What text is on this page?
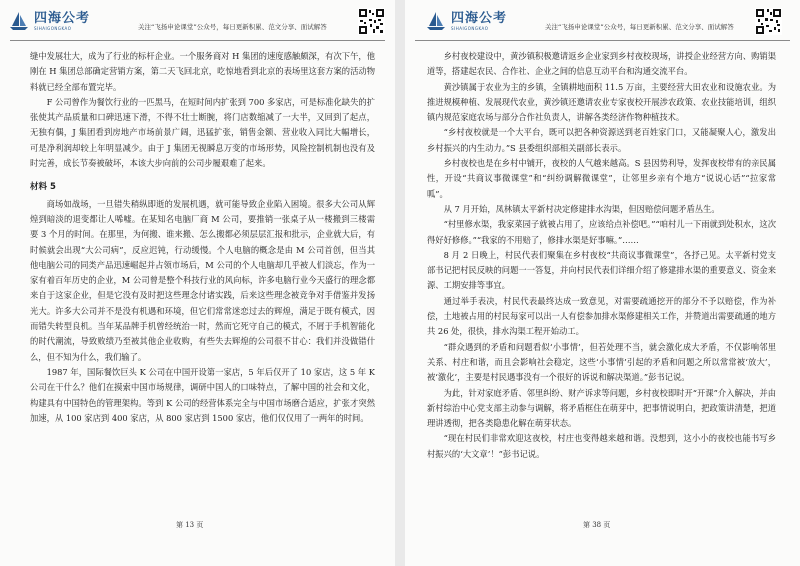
四海公考
SIHAIGONGKAO	关注“飞扬申论课堂”公众号，每日更新积累、范文分享、面试解答

缝中发展壮大，成为了行业的标杆企业。一个服务商对 H 集团的速度感触颇深，有次下午，他刚在 H 集团总部确定营销方案，第二天飞回北京，吃惊地看到北京的表场里这套方案的活动物料就已经全部布置完毕。

F 公司曾作为餐饮行业的一匹黑马，在短时间内扩张到 700 多家店，可是标准化缺失的扩张使其产品质量和口碑迅速下滑，不得不壮士断腕，将门店数缩减了一大半，又回到了起点，无独有偶，J 集团看到房地产市场前景广阔，迅猛扩张，销售金额、营业收入同比大幅增长，可是净利润却较上年明显减少。由于 J 集团无视瞬息万变的市场形势，风险控制机制也没有及时完善，成长节奏被破坏，本该大步向前的公司步履艰难了起来。

材料 5

商场如战场，一旦错失稍纵即逝的发展机遇，就可能导致企业陷入困境。很多大公司从辉煌到暗淡的退变都让人唏嘘。在某知名电脑厂商 M 公司，要推销一张桌子从一楼搬到三楼需要 3 个月的时间。在那里，为何搬、谁来搬、怎么搬都必须层层汇报和批示，企业就大后，有时候就会出现“大公司病”，反应迟钝，行动缓慢。个人电脑的概念是由 M 公司首创，但当其他电脑公司的同类产品迅速崛起并占领市场后，M 公司的个人电脑却几乎被人们淡忘，作为一家有着百年历史的企业，M 公司曾是整个科技行业的风向标，许多电脑行业今天盛行的理念都来自于这家企业，但是它没有及时把这些理念付诸实践，后来这些理念被竞争对手借鉴并发扬光大。许多大公司并不是没有机遇和环境，但它们常常迷恋过去的辉煌，满足于既有模式，因而错失转型良机。当年某品牌手机曾经统治一时，然而它死守自己的模式，不屑于手机智能化的时代潮流，导致败绩乃至被其他企业收购，有些失去辉煌的公司很不甘心：我们并没做错什么，但不知为什么，我们输了。

1987 年，国际餐饮巨头 K 公司在中国开设第一家店，5 年后仅开了 10 家店，这 5 年 K 公司在干什么？他们在摸索中国市场规律，调研中国人的口味特点，了解中国的社会和文化，构建具有中国特色的管理架构。等到 K 公司的经营体系完全与中国市场磨合适应，扩张才突然加速，从 100 家店到 400 家店，从 800 家店到 1500 家店，他们仅仅用了一两年的时间。

第 13 页
四海公考
SIHAIGONGKAO	关注“飞扬申论课堂”公众号，每日更新积累、范文分享、面试解答

乡村夜校建设中，黄沙镇积极邀请返乡企业家到乡村夜校现场，讲授企业经营方向、购销渠道等，搭建起农民、合作社、企业之间的信息互动平台和沟通交流平台。

黄沙镇属于农业为主的乡镇，全镇耕地面积 11.5 万亩，主要经营大田农业和设施农业。为推进规模种植、发展现代农业，黄沙镇还邀请农业专家夜校开展涉农政策、农业技能培训，组织镇内规范家庭农场与部分合作社负责人，讲解各类经济作物种植技术。

“乡村夜校就是一个大平台，既可以把各种资源送到老百姓家门口，又能凝聚人心，激发出乡村振兴的内生动力。”S 县委组织部相关副部长表示。

乡村夜校也是在乡村中铺开，夜校的人气越来越高。S 县因势利导，发挥夜校带有的亲民属性，开设“共商议事微课堂”和“纠纷调解微课堂”，让邻里乡亲有个地方“说说心话”“拉家常呱”。

从 7 月开始，凤林镇太平新村决定修建排水沟渠，但因赔偿问题矛盾丛生。

“村里修水渠，我家菜园子就被占用了，应该给点补偿吧。”“咱村儿一下雨就到处积水，这次得好好修修。”“我家的不用赔了，修排水渠是好事嘛。”……

8 月 2 日晚上，村民代表们聚集在乡村夜校“共商议事微课堂”，各抒己见。太平新村党支部书记把村民反映的问题一一答复，并向村民代表们详细介绍了修建排水渠的重要意义、资金来源、工期安排等事宜。

通过举手表决，村民代表最终达成一致意见，对需要疏通挖开的部分不予以赔偿，作为补偿，土地被占用的村民每家可以出一人有偿参加排水渠修建相关工作，并赞道出需要疏通的地方共 26 处，很快，排水沟渠工程开始动工。

“群众遇到的矛盾和问题看似‘小事情’，但若处理不当，就会激化成大矛盾，不仅影响邻里关系、村庄和谐，而且会影响社会稳定，这些‘小事情’引起的矛盾和问题之所以常常被‘放大’，被‘激化’，主要是村民遇事没有一个很好的诉说和解决渠道。”彭书记说。

为此，针对家庭矛盾、邻里纠纷、财产诉求等问题，乡村夜校即时开“开课”介入解决，并由新村综治中心党支部主动参与调解，将矛盾框住在萌芽中，把事情说明白，把政策讲清楚，把道理讲透彻，把各类隐患化解在萌芽状态。

“现在村民们非常欢迎这夜校，村庄也变得越来越和谐。没想到，这小小的夜校也能书写乡村振兴的‘大文章’！”彭书记说。

第 38 页
